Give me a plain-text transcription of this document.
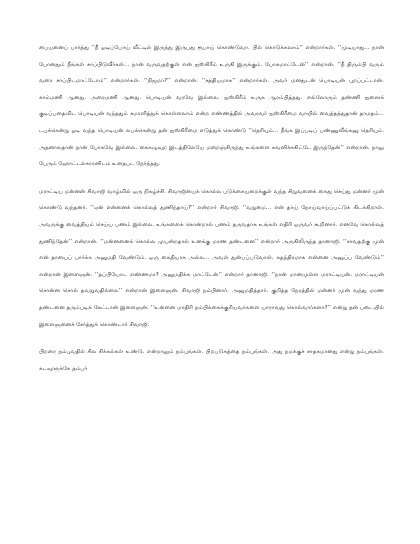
பையனைப் பார்த்து ‘‘நீ ஓடிப்போய் வீட்டில் இருந்து இருபது ரூபாய் கொண்டுவா. பில் கொடுக்கலாம்’’ என்றார்கள். ‘‘முடியாது... நான் போனதும் நீங்கள் சாப்பிடுவீர்கள்... நான் வருவதற்குள் என் ஐஸ்கிரீம் உருகி இருக்கும். போகமாட்டேன்’’ என்றான். ‘‘நீ திரும்பி வரும் வரை சாப்பிடமாட்டோம்’’ என்றார்கள். ‘‘நிஜமா?’’ என்றான். ‘‘சத்தியமாக’’ என்றார்கள். அவர் மனதுடன் பொடியன் புறப்பட்டான். காம்மணி ஆனது. அரைமணி ஆனது. பொடியன் வரவே இல்லை. ஐஸ்கிரீம் உருக ஆரம்பித்தது. எல்லோரும் தண்ணி ஐஸைக் குடிப்பதைவிட பொடியன் வந்ததும் சமாளித்துக் கொள்ளலாம் என்ற எண்ணத்தில் அவரவர் ஐஸ்கிரீமை வாயில் வைத்தத்துதான் தாமதம்... டபக்கென்று ஓடி வந்த பொடியன் லபக்கென்று தன் ஐஸ்கிரீமை எடுத்துக் கொண்டு ‘‘தெரியும்... நீங்க இப்படிப் பண்ணுவீங்கனு தெரியும். அதனாலதான் நான் போகவே இல்லை. கைகழுவுற இடத்திலேயே மறைஞ்சிருந்து உங்களை கவனிச்சுகிட்டே இருந்தேன்’’ என்றான். நாலு பேரும் ஹோட்டல்காரனிடம் உதைபட நேர்ந்தது.

மராட்டிய மன்னன் சிவாஜி வாழ்வில் ஒரு நிகழ்ச்சி. சிவாஜியைக் கொல்ல படுக்கையறைக்குள் வந்த சிறுவனைக் கைது செய்து மன்னர் முன் கொண்டு வந்தனர். ‘‘ஏன் என்னைக் கொல்லத் துணிந்தாய்?’’ என்றார் சிவாஜி. ‘‘வறுமை... என் தாய் நோய்வாய்ப்பட்டுக் கிடக்கிறாள். அவருக்கு வைத்தியம் செய்ய பணம் இல்லை. உங்களைக் கொன்றால் பணம் தருவதாக உங்கள் எதிரி ஒருவர் கூறினார். எனவே கொல்லத் துணிந்தேன்’’ என்றான். ‘‘மன்னனைக் கொல்ல முயன்றதால் உனக்கு மரண தண்டனை’’ என்றார் அருகிலிருந்த தானாஜி. ‘‘சாவதற்கு முன் என் தாயைப் பார்க்க அனுமதி வேண்டும். ஒரு கைதியாக அல்ல... அவள் துன்பப்படுவாள். சுதந்திரமாக என்னை அனுப்ப வேண்டும்’’ என்றான் இளைஞன். ‘‘தப்பியோட எண்ணமா? அனுமதிக்க மாட்டேன்’’ என்றார் தானாஜி. ‘‘நான் மானமுள்ள மராட்டியன். மராட்டியன் சொன்ன சொல் தவறுவதில்லை’’ என்றான் இளைஞன். சிவாஜி நம்பினார். அனுமதித்தார். குறித்த நேரத்தில் மன்னர் முன் வந்து மரண தண்டனை தரும்படிக் கேட்டான் இளைஞன். ‘‘உன்னை மாதிரி நம்பிக்கைக்குரியவர்களை யாராவது கொல்வார்களா?’’ என்று தன் படையில் இளைஞனைச் சேர்த்துக் கொண்டார் சிவாஜி.

பிறரை நம்புவதில் சில சிக்கல்கள் உண்டு. என்றாலும் நம்புங்கள். பிறபடுகத்தை நம்புங்கள். அது நமக்குச் சாதகமானது என்று நம்புங்கள். கடவுளுக்கே தம்பர்
